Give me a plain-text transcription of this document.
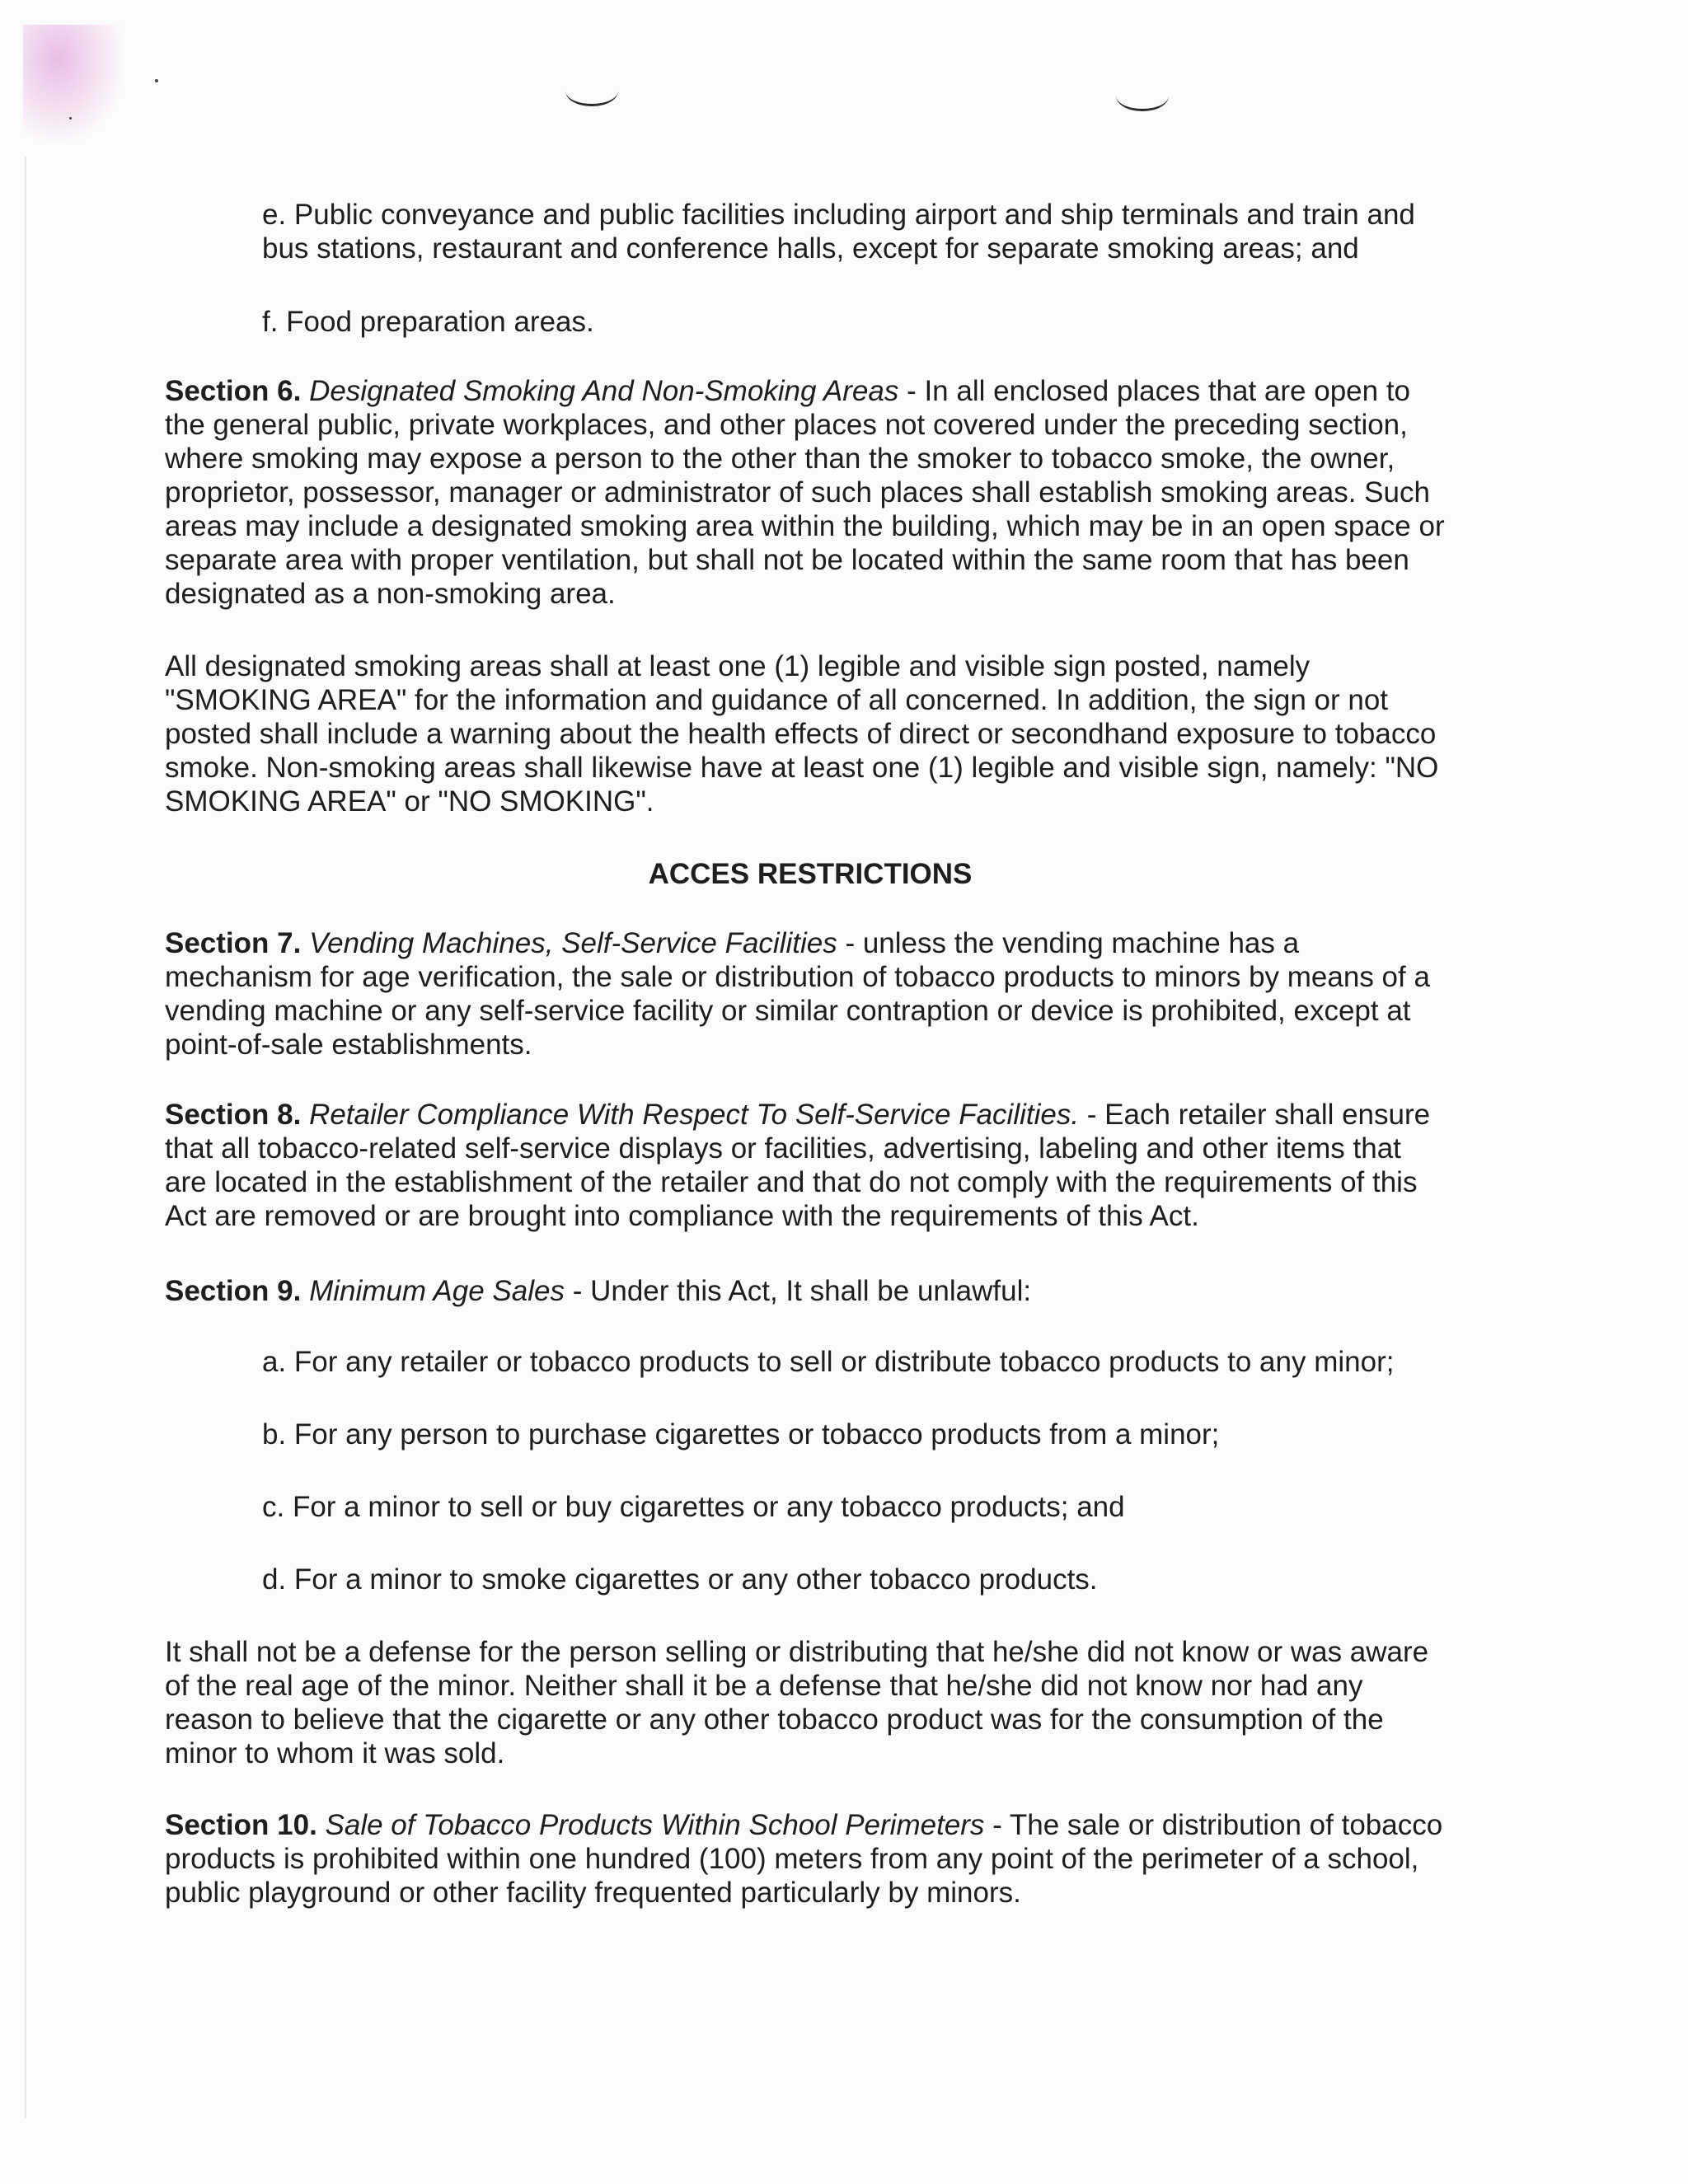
e. Public conveyance and public facilities including airport and ship terminals and train and bus stations, restaurant and conference halls, except for separate smoking areas; and

f. Food preparation areas.

Section 6. Designated Smoking And Non-Smoking Areas - In all enclosed places that are open to the general public, private workplaces, and other places not covered under the preceding section, where smoking may expose a person to the other than the smoker to tobacco smoke, the owner, proprietor, possessor, manager or administrator of such places shall establish smoking areas. Such areas may include a designated smoking area within the building, which may be in an open space or separate area with proper ventilation, but shall not be located within the same room that has been designated as a non-smoking area.

All designated smoking areas shall at least one (1) legible and visible sign posted, namely "SMOKING AREA" for the information and guidance of all concerned. In addition, the sign or not posted shall include a warning about the health effects of direct or secondhand exposure to tobacco smoke. Non-smoking areas shall likewise have at least one (1) legible and visible sign, namely: "NO SMOKING AREA" or "NO SMOKING".

ACCES RESTRICTIONS

Section 7. Vending Machines, Self-Service Facilities - unless the vending machine has a mechanism for age verification, the sale or distribution of tobacco products to minors by means of a vending machine or any self-service facility or similar contraption or device is prohibited, except at point-of-sale establishments.

Section 8. Retailer Compliance With Respect To Self-Service Facilities. - Each retailer shall ensure that all tobacco-related self-service displays or facilities, advertising, labeling and other items that are located in the establishment of the retailer and that do not comply with the requirements of this Act are removed or are brought into compliance with the requirements of this Act.

Section 9. Minimum Age Sales - Under this Act, It shall be unlawful:

a. For any retailer or tobacco products to sell or distribute tobacco products to any minor;

b. For any person to purchase cigarettes or tobacco products from a minor;

c. For a minor to sell or buy cigarettes or any tobacco products; and

d. For a minor to smoke cigarettes or any other tobacco products.

It shall not be a defense for the person selling or distributing that he/she did not know or was aware of the real age of the minor. Neither shall it be a defense that he/she did not know nor had any reason to believe that the cigarette or any other tobacco product was for the consumption of the minor to whom it was sold.

Section 10. Sale of Tobacco Products Within School Perimeters - The sale or distribution of tobacco products is prohibited within one hundred (100) meters from any point of the perimeter of a school, public playground or other facility frequented particularly by minors.
